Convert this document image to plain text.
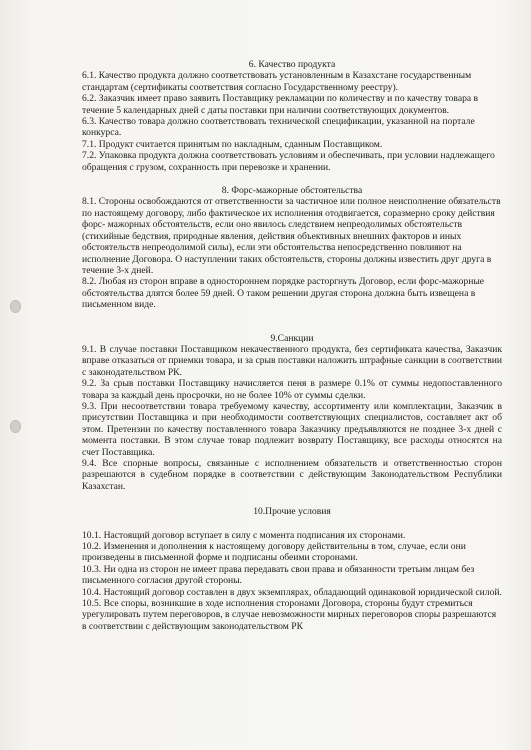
6. Качество продукта

6.1. Качество продукта должно соответствовать установленным в Казахстане государственным стандартам (сертификаты соответствия согласно Государственному реестру).

6.2. Заказчик имеет право заявить Поставщику рекламации по количеству и по качеству товара в течение 5 календарных дней с даты поставки при наличии соответствующих документов.

6.3. Качество товара должно соответствовать технической спецификации, указанной на портале конкурса.

7.1. Продукт считается принятым по накладным, сданным Поставщиком.

7.2. Упаковка продукта должна соответствовать условиям и обеспечивать, при условии надлежащего обращения с грузом, сохранность при перевозке и хранении.

8. Форс-мажорные обстоятельства

8.1. Стороны освобождаются от ответственности за частичное или полное неисполнение обязательств по настоящему договору, либо фактическое их исполнения отодвигается, соразмерно сроку действия форс- мажорных обстоятельств, если оно явилось следствием непреодолимых обстоятельств (стихийные бедствия, природные явления, действия объективных внешних факторов и иных обстоятельств непреодолимой силы), если эти обстоятельства непосредственно повлияют на исполнение Договора. О наступлении таких обстоятельств, стороны должны известить друг друга в течение 3-х дней.

8.2. Любая из сторон вправе в одностороннем порядке расторгнуть Договор, если форс-мажорные обстоятельства длятся более 59 дней. О таком решении другая сторона должна быть извещена в письменном виде.

9.Санкции

9.1. В случае поставки Поставщиком некачественного продукта, без сертификата качества, Заказчик вправе отказаться от приемки товара, и за срыв поставки наложить штрафные санкции в соответствии с законодательством РК.

9.2. За срыв поставки Поставщику начисляется пеня в размере 0.1% от суммы недопоставленного товара за каждый день просрочки, но не более 10% от суммы сделки.

9.3. При несоответствии товара требуемому качеству, ассортименту или комплектации, Заказчик в присутствии Поставщика и при необходимости соответствующих специалистов, составляет акт об этом. Претензии по качеству поставленного товара Заказчику предъявляются не позднее 3-х дней с момента поставки. В этом случае товар подлежит возврату Поставщику, все расходы относятся на счет Поставщика.

9.4. Все спорные вопросы, связанные с исполнением обязательств и ответственностью сторон разрешаются в судебном порядке в соответствии с действующим Законодательством Республики Казахстан.

10.Прочие условия

10.1. Настоящий договор вступает в силу с момента подписания их сторонами.

10.2. Изменения и дополнения к настоящему договору действительны в том, случае, если они произведены в письменной форме и подписаны обеими сторонами.

10.3. Ни одна из сторон не имеет права передавать свои права и обязанности третьим лицам без письменного согласия другой стороны.

10.4. Настоящий договор составлен в двух экземплярах, обладающий одинаковой юридической силой.

10.5. Все споры, возникшие в ходе исполнения сторонами Договора, стороны будут стремиться урегулировать путем переговоров, в случае невозможности мирных переговоров споры разрешаются в соответствии с действующим законодательством РК
